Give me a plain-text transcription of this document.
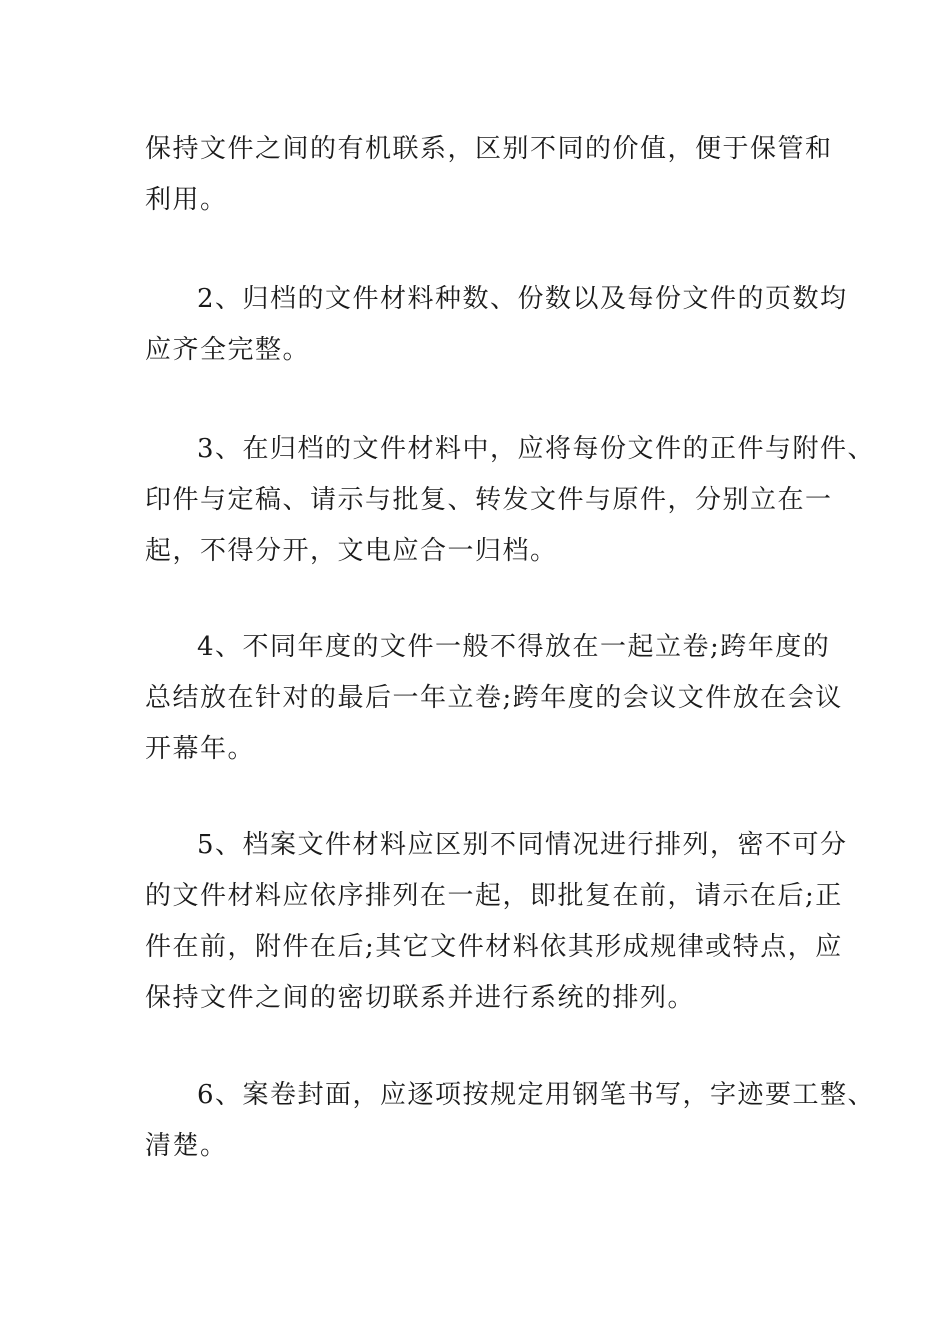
保持文件之间的有机联系，区别不同的价值，便于保管和
利用。
2、归档的文件材料种数、份数以及每份文件的页数均
应齐全完整。
3、在归档的文件材料中，应将每份文件的正件与附件、
印件与定稿、请示与批复、转发文件与原件，分别立在一
起，不得分开，文电应合一归档。
4、不同年度的文件一般不得放在一起立卷;跨年度的
总结放在针对的最后一年立卷;跨年度的会议文件放在会议
开幕年。
5、档案文件材料应区别不同情况进行排列，密不可分
的文件材料应依序排列在一起，即批复在前，请示在后;正
件在前，附件在后;其它文件材料依其形成规律或特点，应
保持文件之间的密切联系并进行系统的排列。
6、案卷封面，应逐项按规定用钢笔书写，字迹要工整、
清楚。
